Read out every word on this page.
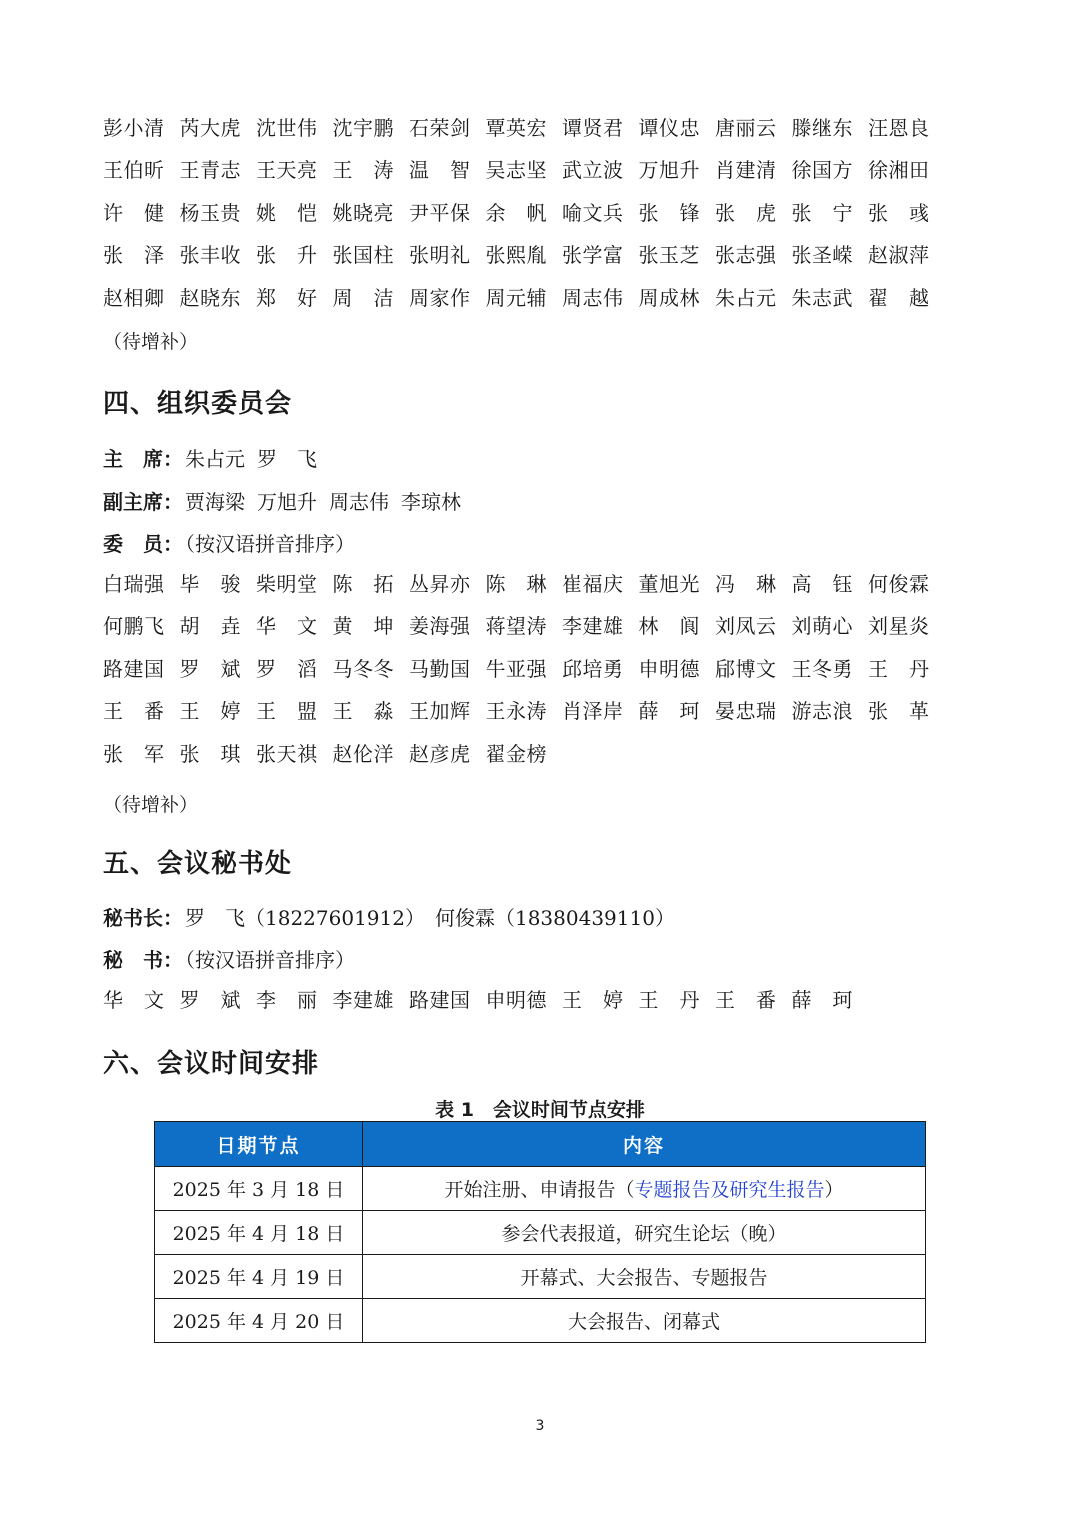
彭小清 芮大虎 沈世伟 沈宇鹏 石荣剑 覃英宏 谭贤君 谭仪忠 唐丽云 滕继东 汪恩良
王伯昕 王青志 王天亮 王　涛 温　智 吴志坚 武立波 万旭升 肖建清 徐国方 徐湘田
许　健 杨玉贵 姚　恺 姚晓亮 尹平保 余　帆 喻文兵 张　锋 张　虎 张　宁 张　彧
张　泽 张丰收 张　升 张国柱 张明礼 张熙胤 张学富 张玉芝 张志强 张圣嵘 赵淑萍
赵相卿 赵晓东 郑　好 周　洁 周家作 周元辅 周志伟 周成林 朱占元 朱志武 翟　越
（待增补）
四、组织委员会
主　席： 朱占元 罗　飞
副主席： 贾海梁 万旭升 周志伟 李琼林
委　员： （按汉语拼音排序）
白瑞强 毕　骏 柴明堂 陈　拓 丛昇亦 陈　琳 崔福庆 董旭光 冯　琳 高　钰 何俊霖
何鹏飞 胡　垚 华　文 黄　坤 姜海强 蒋望涛 李建雄 林　阆 刘凤云 刘萌心 刘星炎
路建国 罗　斌 罗　滔 马冬冬 马勤国 牛亚强 邱培勇 申明德 郈博文 王冬勇 王　丹
王　番 王　婷 王　盟 王　淼 王加辉 王永涛 肖泽岸 薛　珂 晏忠瑞 游志浪 张　革
张　军 张　琪 张天祺 赵伦洋 赵彦虎 翟金榜
（待增补）
五、会议秘书处
秘书长： 罗　飞（18227601912）　何俊霖（18380439110）
秘　书： （按汉语拼音排序）
华　文 罗　斌 李　丽 李建雄 路建国 申明德 王　婷 王　丹 王　番 薛　珂
六、会议时间安排
表 1　会议时间节点安排
日期节点	内容
2025 年 3 月 18 日	开始注册、申请报告（专题报告及研究生报告）
2025 年 4 月 18 日	参会代表报道，研究生论坛（晚）
2025 年 4 月 19 日	开幕式、大会报告、专题报告
2025 年 4 月 20 日	大会报告、闭幕式
3
